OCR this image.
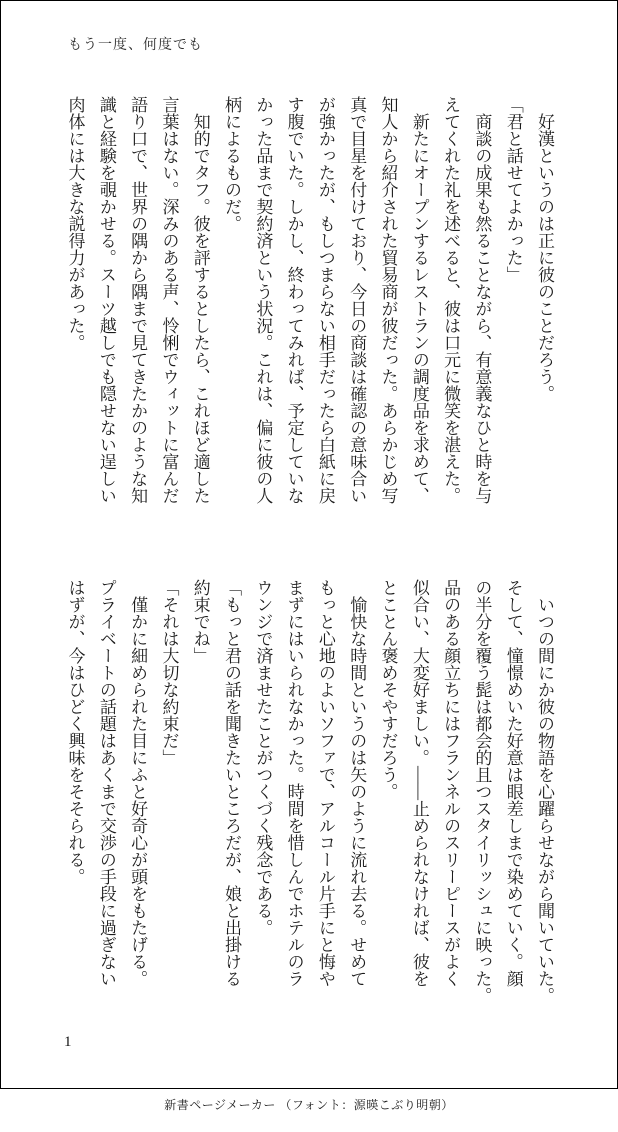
もう一度、何度でも
　好漢というのは正に彼のことだろう。
「君と話せてよかった」
　商談の成果も然ることながら、有意義なひと時を与
えてくれた礼を述べると、彼は口元に微笑を湛えた。
　新たにオープンするレストランの調度品を求めて、
知人から紹介された貿易商が彼だった。あらかじめ写
真で目星を付けており、今日の商談は確認の意味合い
が強かったが、もしつまらない相手だったら白紙に戻
す腹でいた。しかし、終わってみれば、予定していな
かった品まで契約済という状況。これは、偏に彼の人
柄によるものだ。
　知的でタフ。彼を評するとしたら、これほど適した
言葉はない。深みのある声、怜悧でウィットに富んだ
語り口で、世界の隅から隅まで見てきたかのような知
識と経験を覗かせる。スーツ越しでも隠せない逞しい
肉体には大きな説得力があった。
　いつの間にか彼の物語を心躍らせながら聞いていた。
そして、憧憬めいた好意は眼差しまで染めていく。顔
の半分を覆う髭は都会的且つスタイリッシュに映った。
品のある顔立ちにはフランネルのスリーピースがよく
似合い、大変好ましい。――止められなければ、彼を
とことん褒めそやすだろう。
　愉快な時間というのは矢のように流れ去る。せめて
もっと心地のよいソファで、アルコール片手にと悔や
まずにはいられなかった。時間を惜しんでホテルのラ
ウンジで済ませたことがつくづく残念である。
「もっと君の話を聞きたいところだが、娘と出掛ける
約束でね」
「それは大切な約束だ」
　僅かに細められた目にふと好奇心が頭をもたげる。
プライベートの話題はあくまで交渉の手段に過ぎない
はずが、今はひどく興味をそそられる。
1
新書ページメーカー （フォント：源暎こぶり明朝）
